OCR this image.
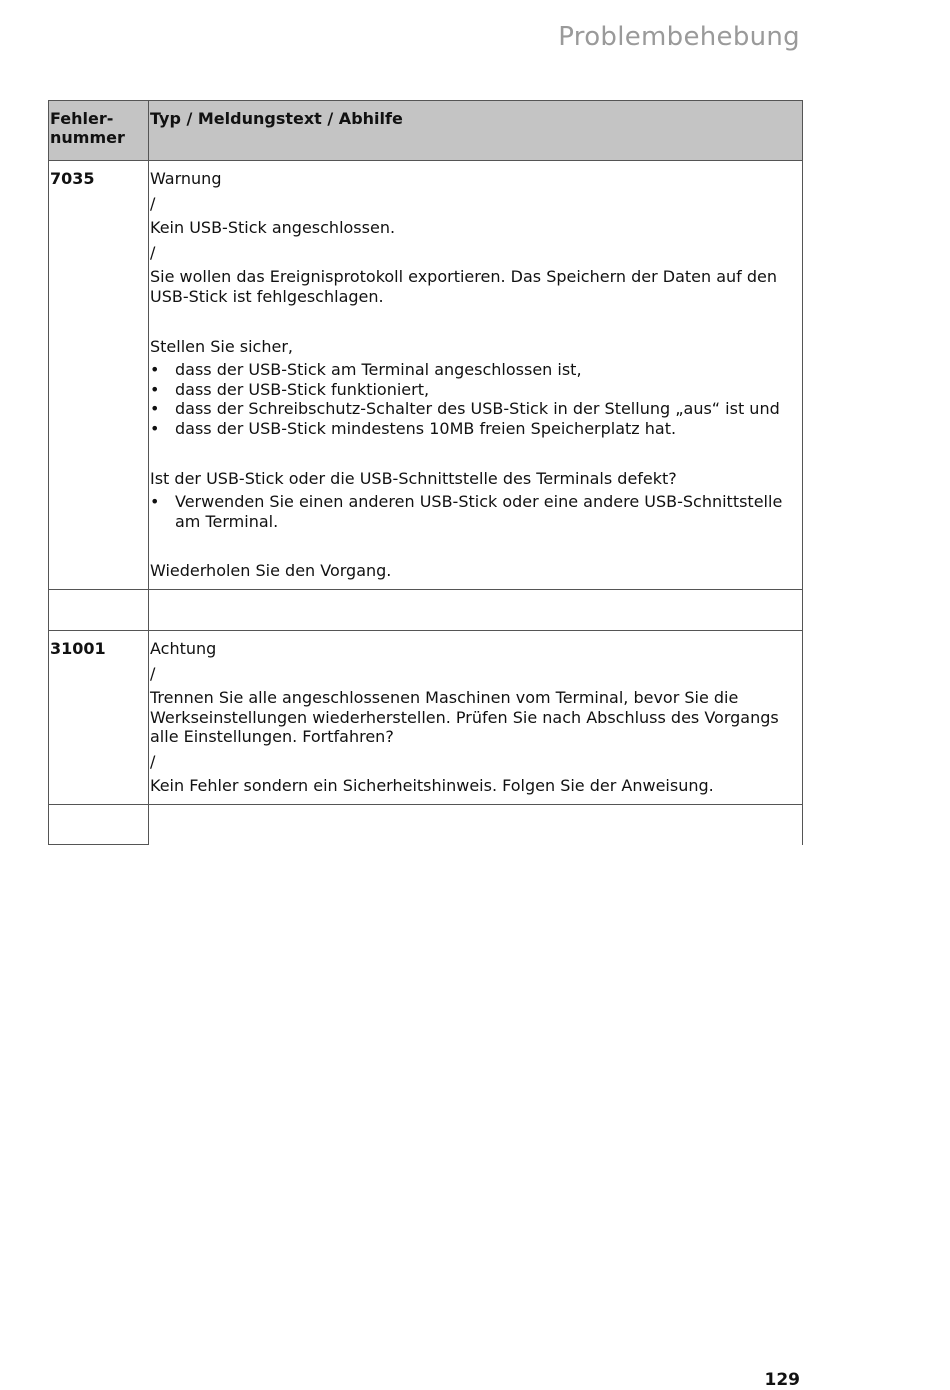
Problembehebung
Fehler-
nummer
Typ / Meldungstext / Abhilfe
7035	Warnung

/

Kein USB-Stick angeschlossen.

/

Sie wollen das Ereignisprotokoll exportieren. Das Speichern der Daten auf den USB-Stick ist fehlgeschlagen.

Stellen Sie sicher,

• dass der USB-Stick am Terminal angeschlossen ist,
• dass der USB-Stick funktioniert,
• dass der Schreibschutz-Schalter des USB-Stick in der Stellung „aus“ ist und
• dass der USB-Stick mindestens 10MB freien Speicherplatz hat.

Ist der USB-Stick oder die USB-Schnittstelle des Terminals defekt?

• Verwenden Sie einen anderen USB-Stick oder eine andere USB-Schnittstelle am Terminal.

Wiederholen Sie den Vorgang.

31001	Achtung

/

Trennen Sie alle angeschlossenen Maschinen vom Terminal, bevor Sie die Werkseinstellungen wiederherstellen. Prüfen Sie nach Abschluss des Vorgangs alle Einstellungen. Fortfahren?

/

Kein Fehler sondern ein Sicherheitshinweis. Folgen Sie der Anweisung.

129
